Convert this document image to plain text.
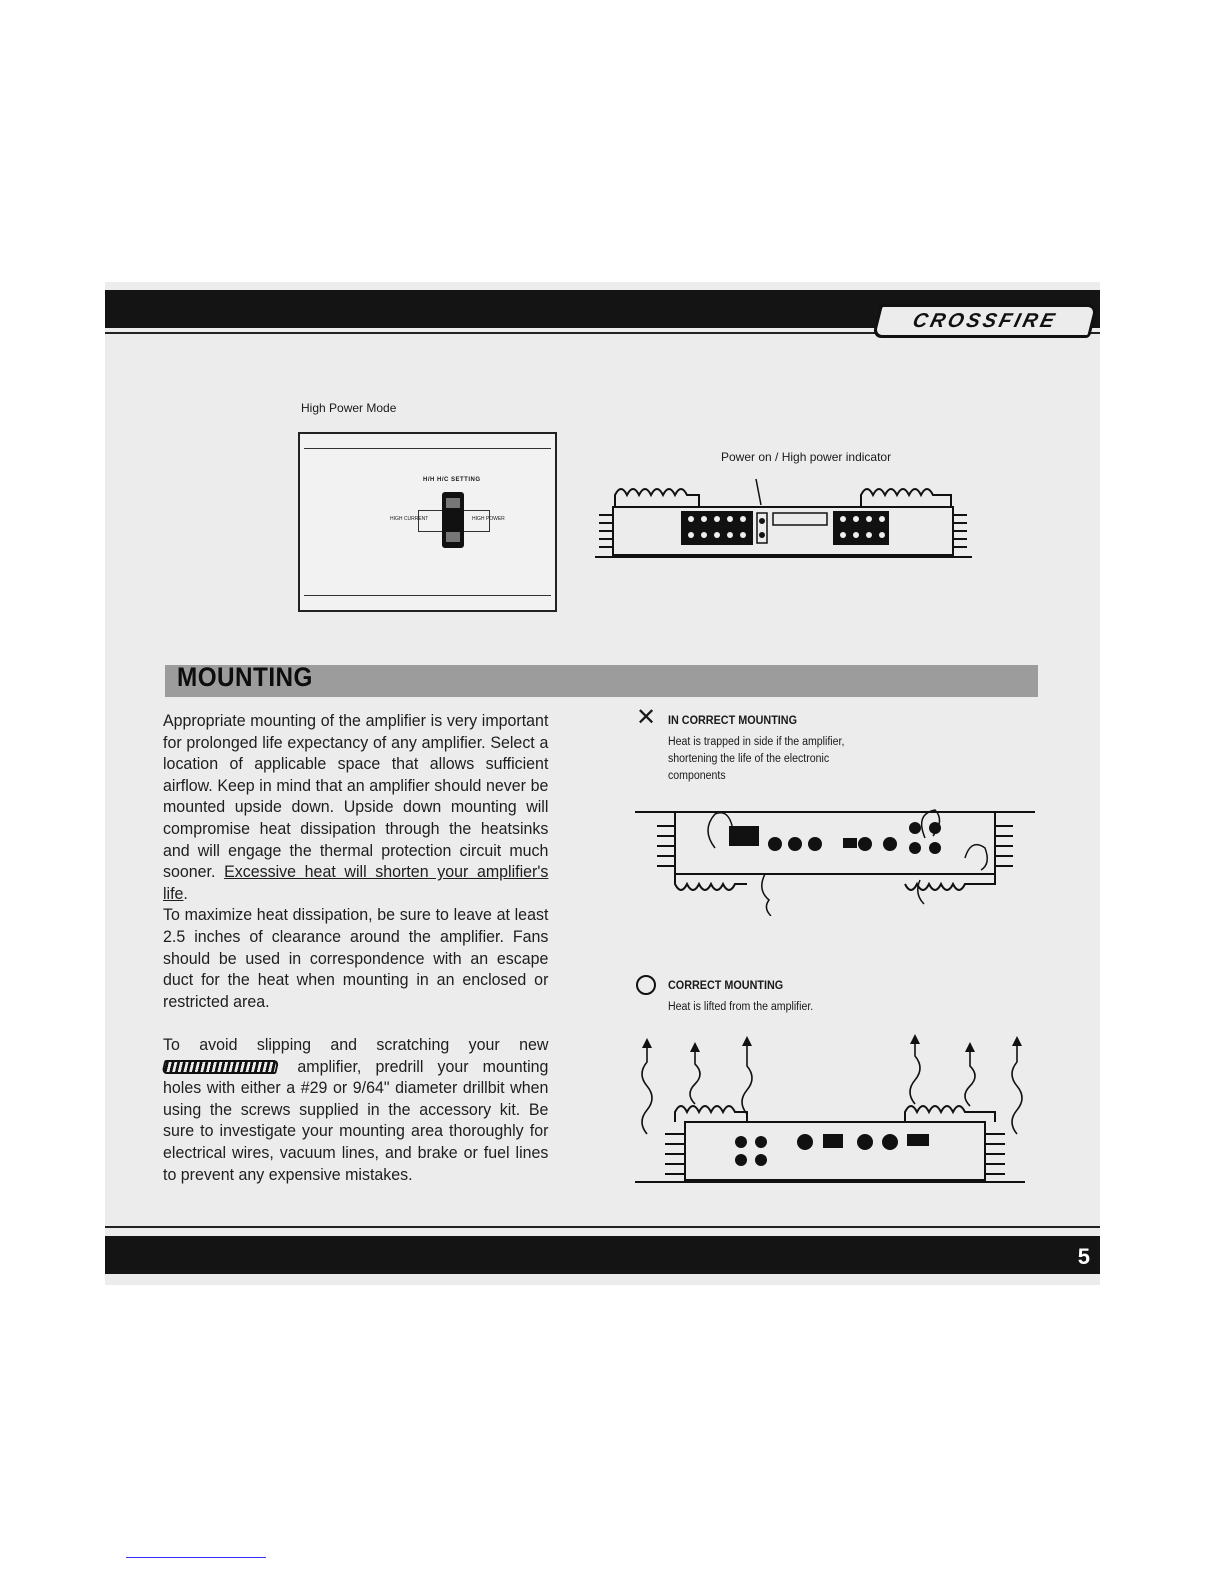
CROSSFIRE
High Power Mode
H/H H/C SETTING
HIGH CURRENT	HIGH POWER
Power on / High power indicator
MOUNTING
Appropriate mounting of the amplifier is very important for prolonged life expectancy of any amplifier. Select a location of applicable space that allows sufficient airflow. Keep in mind that an amplifier should never be mounted upside down. Upside down mounting will compromise heat dissipation through the heatsinks and will engage the thermal protection circuit much sooner. Excessive heat will shorten your amplifier's life.
To maximize heat dissipation, be sure to leave at least 2.5 inches of clearance around the amplifier. Fans should be used in correspondence with an escape duct for the heat when mounting in an enclosed or restricted area.
To avoid slipping and scratching your new  amplifier, predrill your mounting holes with either a #29 or 9/64" diameter drillbit when using the screws supplied in the accessory kit. Be sure to investigate your mounting area thoroughly for electrical wires, vacuum lines, and brake or fuel lines to prevent any expensive mistakes.
✕ IN CORRECT MOUNTING
Heat is trapped in side if the amplifier, shortening the life of the electronic components
CORRECT MOUNTING
Heat is lifted from the amplifier.
5
